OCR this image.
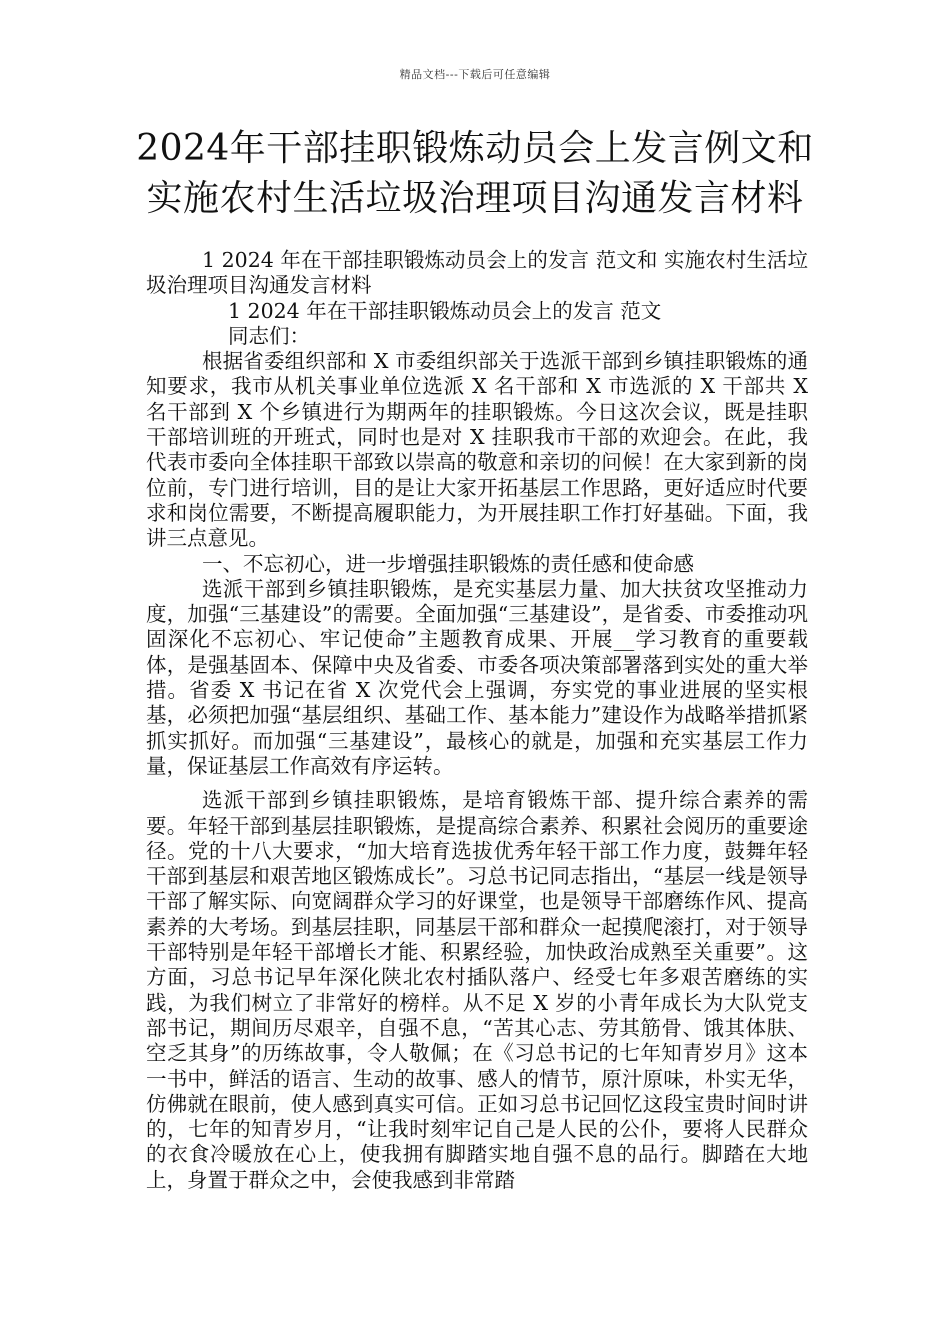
精品文档---下载后可任意编辑
2024年干部挂职锻炼动员会上发言例文和
实施农村生活垃圾治理项目沟通发言材料

1 2024 年在干部挂职锻炼动员会上的发言 范文和 实施农村生活垃圾治理项目沟通发言材料

1 2024 年在干部挂职锻炼动员会上的发言 范文

同志们：

根据省委组织部和 X 市委组织部关于选派干部到乡镇挂职锻炼的通知要求，我市从机关事业单位选派 X 名干部和 X 市选派的 X 干部共 X 名干部到 X 个乡镇进行为期两年的挂职锻炼。今日这次会议，既是挂职干部培训班的开班式，同时也是对 X 挂职我市干部的欢迎会。在此，我代表市委向全体挂职干部致以崇高的敬意和亲切的问候！在大家到新的岗位前，专门进行培训，目的是让大家开拓基层工作思路，更好适应时代要求和岗位需要，不断提高履职能力，为开展挂职工作打好基础。下面，我讲三点意见。

一、不忘初心，进一步增强挂职锻炼的责任感和使命感

选派干部到乡镇挂职锻炼，是充实基层力量、加大扶贫攻坚推动力度，加强“三基建设”的需要。全面加强“三基建设”，是省委、市委推动巩固深化不忘初心、牢记使命”主题教育成果、开展__学习教育的重要载体，是强基固本、保障中央及省委、市委各项决策部署落到实处的重大举措。省委 X 书记在省 X 次党代会上强调，夯实党的事业进展的坚实根基，必须把加强“基层组织、基础工作、基本能力”建设作为战略举措抓紧抓实抓好。而加强“三基建设”，最核心的就是，加强和充实基层工作力量，保证基层工作高效有序运转。

选派干部到乡镇挂职锻炼，是培育锻炼干部、提升综合素养的需要。年轻干部到基层挂职锻炼，是提高综合素养、积累社会阅历的重要途径。党的十八大要求，“加大培育选拔优秀年轻干部工作力度，鼓舞年轻干部到基层和艰苦地区锻炼成长”。习总书记同志指出，“基层一线是领导干部了解实际、向宽阔群众学习的好课堂，也是领导干部磨练作风、提高素养的大考场。到基层挂职，同基层干部和群众一起摸爬滚打，对于领导干部特别是年轻干部增长才能、积累经验，加快政治成熟至关重要”。这方面，习总书记早年深化陕北农村插队落户、经受七年多艰苦磨练的实践，为我们树立了非常好的榜样。从不足 X 岁的小青年成长为大队党支部书记，期间历尽艰辛，自强不息，“苦其心志、劳其筋骨、饿其体肤、空乏其身”的历练故事，令人敬佩；在《习总书记的七年知青岁月》这本一书中，鲜活的语言、生动的故事、感人的情节，原汁原味，朴实无华，仿佛就在眼前，使人感到真实可信。正如习总书记回忆这段宝贵时间时讲的，七年的知青岁月，“让我时刻牢记自己是人民的公仆，要将人民群众的衣食冷暖放在心上，使我拥有脚踏实地自强不息的品行。脚踏在大地上，身置于群众之中，会使我感到非常踏
